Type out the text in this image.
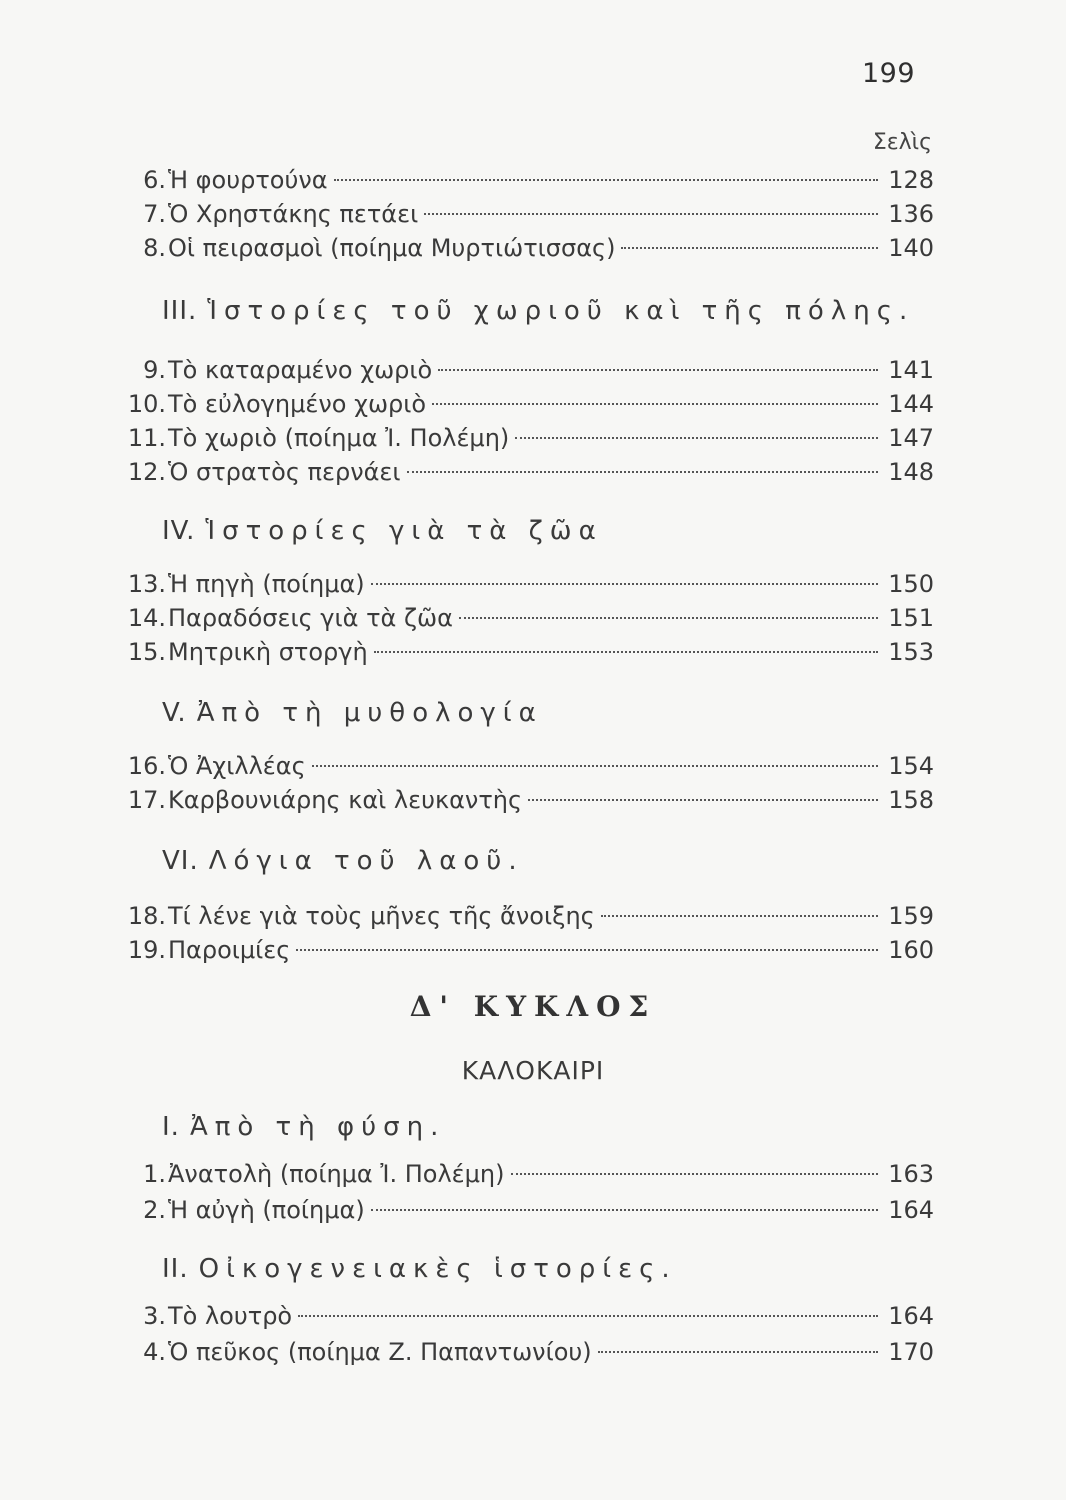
199
Σελὶς
6. Ἡ φουρτούνα	128
7. Ὁ Χρηστάκης πετάει	136
8. Οἱ πειρασμοὶ (ποίημα Μυρτιώτισσας)	140
ΙΙΙ. Ἱστορίες τοῦ χωριοῦ καὶ τῆς πόλης.
9. Τὸ καταραμένο χωριὸ	141
10. Τὸ εὐλογημένο χωριὸ	144
11. Τὸ χωριὸ (ποίημα Ἰ. Πολέμη)	147
12. Ὁ στρατὸς περνάει	148
IV. Ἱστορίες γιὰ τὰ ζῶα
13. Ἡ πηγὴ (ποίημα)	150
14. Παραδόσεις γιὰ τὰ ζῶα	151
15. Μητρικὴ στοργὴ	153
V. Ἀπὸ τὴ μυθολογία
16. Ὁ Ἀχιλλέας	154
17. Καρβουνιάρης καὶ λευκαντὴς	158
VI. Λόγια τοῦ λαοῦ.
18. Τί λένε γιὰ τοὺς μῆνες τῆς ἄνοιξης	159
19. Παροιμίες	160
Δ' ΚΥΚΛΟΣ
ΚΑΛΟΚΑΙΡΙ
Ι. Ἀπὸ τὴ φύση.
1. Ἀνατολὴ (ποίημα Ἰ. Πολέμη)	163
2. Ἡ αὐγὴ (ποίημα)	164
ΙΙ. Οἰκογενειακὲς ἱστορίες.
3. Τὸ λουτρὸ	164
4. Ὁ πεῦκος (ποίημα Ζ. Παπαντωνίου)	170
